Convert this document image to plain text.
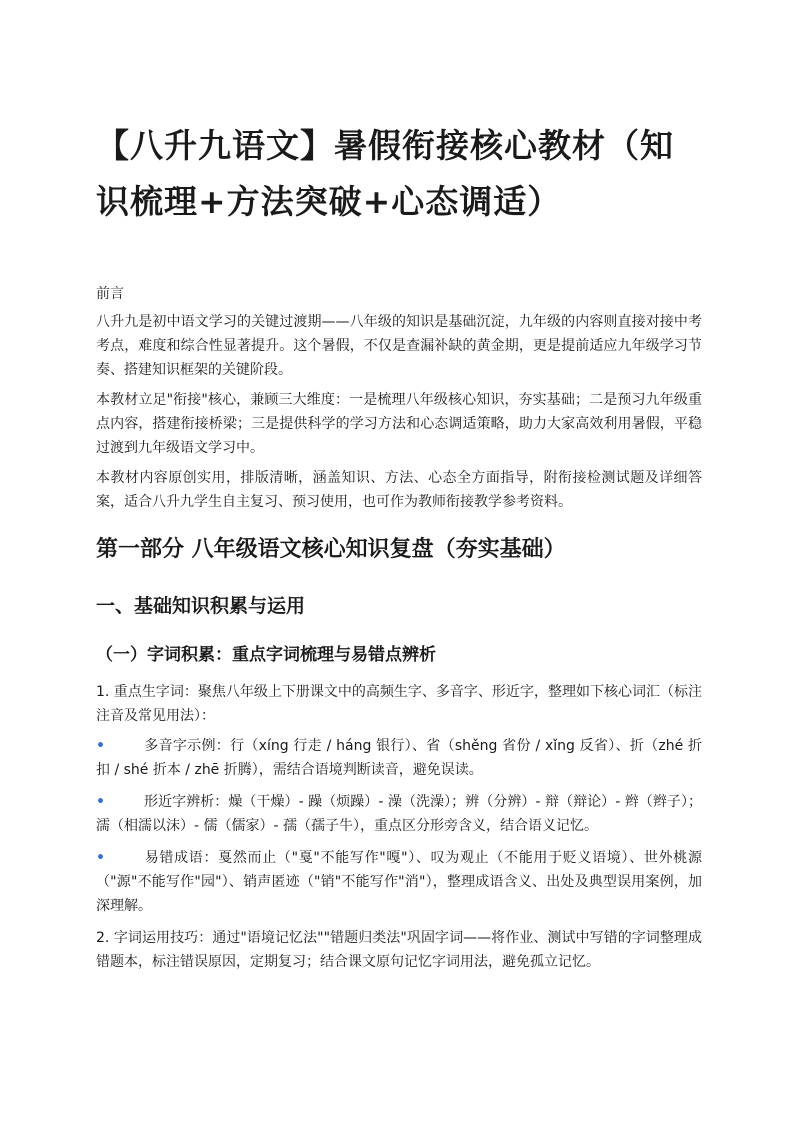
【八升九语文】暑假衔接核心教材（知识梳理+方法突破+心态调适）
前言
八升九是初中语文学习的关键过渡期——八年级的知识是基础沉淀，九年级的内容则直接对接中考考点，难度和综合性显著提升。这个暑假，不仅是查漏补缺的黄金期，更是提前适应九年级学习节奏、搭建知识框架的关键阶段。
本教材立足"衔接"核心，兼顾三大维度：一是梳理八年级核心知识，夯实基础；二是预习九年级重点内容，搭建衔接桥梁；三是提供科学的学习方法和心态调适策略，助力大家高效利用暑假，平稳过渡到九年级语文学习中。
本教材内容原创实用，排版清晰，涵盖知识、方法、心态全方面指导，附衔接检测试题及详细答案，适合八升九学生自主复习、预习使用，也可作为教师衔接教学参考资料。
第一部分 八年级语文核心知识复盘（夯实基础）
一、基础知识积累与运用
（一）字词积累：重点字词梳理与易错点辨析
1. 重点生字词：聚焦八年级上下册课文中的高频生字、多音字、形近字，整理如下核心词汇（标注注音及常见用法）：
•	多音字示例：行（xíng 行走 / háng 银行）、省（shěng 省份 / xǐng 反省）、折（zhé 折扣 / shé 折本 / zhē 折腾），需结合语境判断读音，避免误读。
•	形近字辨析：燥（干燥）- 躁（烦躁）- 澡（洗澡）；辨（分辨）- 辩（辩论）- 辫（辫子）；濡（相濡以沫）- 儒（儒家）- 孺（孺子牛），重点区分形旁含义，结合语义记忆。
•	易错成语：戛然而止（"戛"不能写作"嘎"）、叹为观止（不能用于贬义语境）、世外桃源（"源"不能写作"园"）、销声匿迹（"销"不能写作"消"），整理成语含义、出处及典型误用案例，加深理解。
2. 字词运用技巧：通过"语境记忆法""错题归类法"巩固字词——将作业、测试中写错的字词整理成错题本，标注错误原因，定期复习；结合课文原句记忆字词用法，避免孤立记忆。
